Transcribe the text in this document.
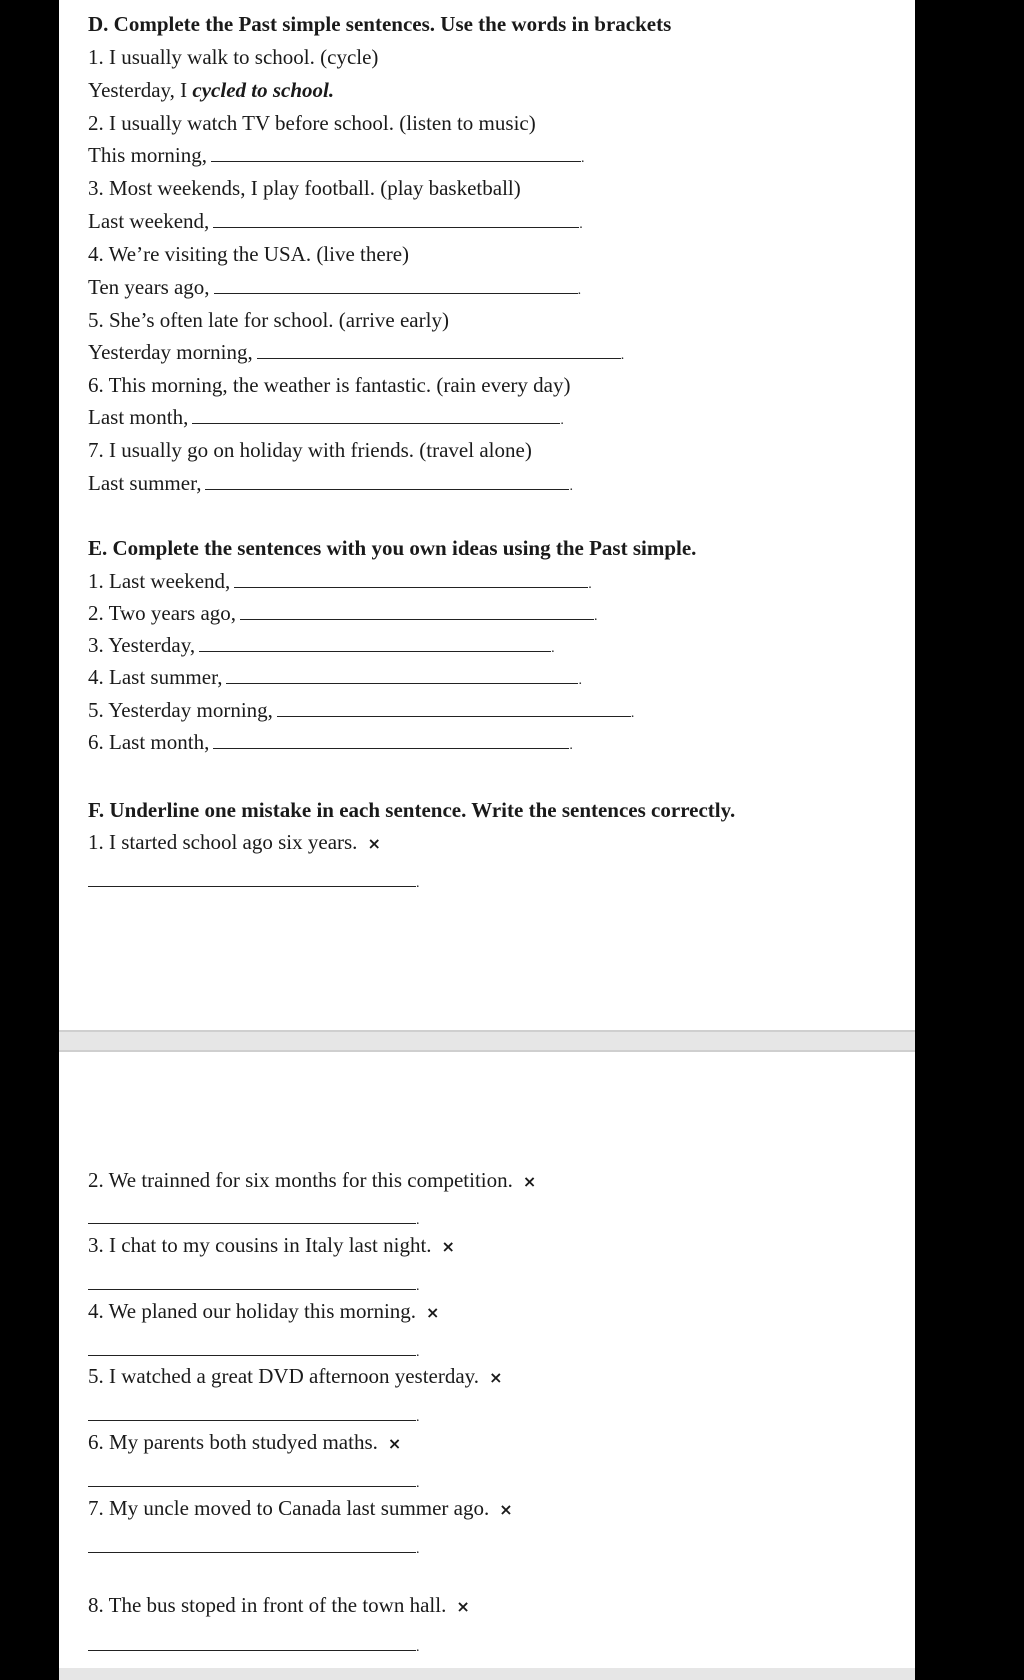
D. Complete the Past simple sentences. Use the words in brackets
1. I usually walk to school. (cycle)
Yesterday, I cycled to school.
2. I usually watch TV before school. (listen to music)
This morning,	.
3. Most weekends, I play football. (play basketball)
Last weekend,	.
4. We’re visiting the USA. (live there)
Ten years ago,	.
5. She’s often late for school. (arrive early)
Yesterday morning,	.
6. This morning, the weather is fantastic. (rain every day)
Last month,	.
7. I usually go on holiday with friends. (travel alone)
Last summer,	.
E. Complete the sentences with you own ideas using the Past simple.
1. Last weekend,	.
2. Two years ago,	.
3. Yesterday,	.
4. Last summer,	.
5. Yesterday morning,	.
6. Last month,	.
F. Underline one mistake in each sentence. Write the sentences correctly.
1. I started school ago six years. ×
.
2. We trainned for six months for this competition. ×
.
3. I chat to my cousins in Italy last night. ×
.
4. We planed our holiday this morning. ×
.
5. I watched a great DVD afternoon yesterday. ×
.
6. My parents both studyed maths. ×
.
7. My uncle moved to Canada last summer ago. ×
.
8. The bus stoped in front of the town hall. ×
.
